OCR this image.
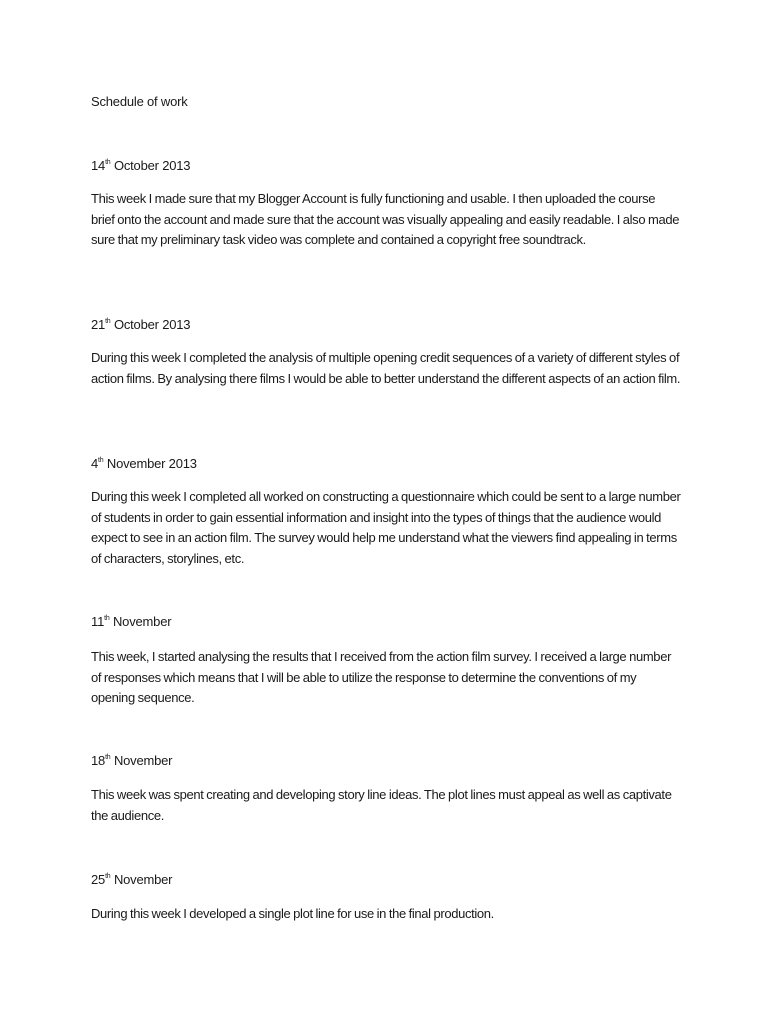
Schedule of work
14th October 2013
This week I made sure that my Blogger Account is fully functioning and usable. I then uploaded the course brief onto the account and made sure that the account was visually appealing and easily readable. I also made sure that my preliminary task video was complete and contained a copyright free soundtrack.
21th October 2013
During this week I completed the analysis of multiple opening credit sequences of a variety of different styles of action films. By analysing there films I would be able to better understand the different aspects of an action film.
4th November 2013
During this week I completed all worked on constructing a questionnaire which could be sent to a large number of students in order to gain essential information and insight into the types of things that the audience would expect to see in an action film. The survey would help me understand what the viewers find appealing in terms of characters, storylines, etc.
11th November
This week, I started analysing the results that I received from the action film survey. I received a large number of responses which means that I will be able to utilize the response to determine the conventions of my opening sequence.
18th November
This week was spent creating and developing story line ideas. The plot lines must appeal as well as captivate the audience.
25th November
During this week I developed a single plot line for use in the final production.
